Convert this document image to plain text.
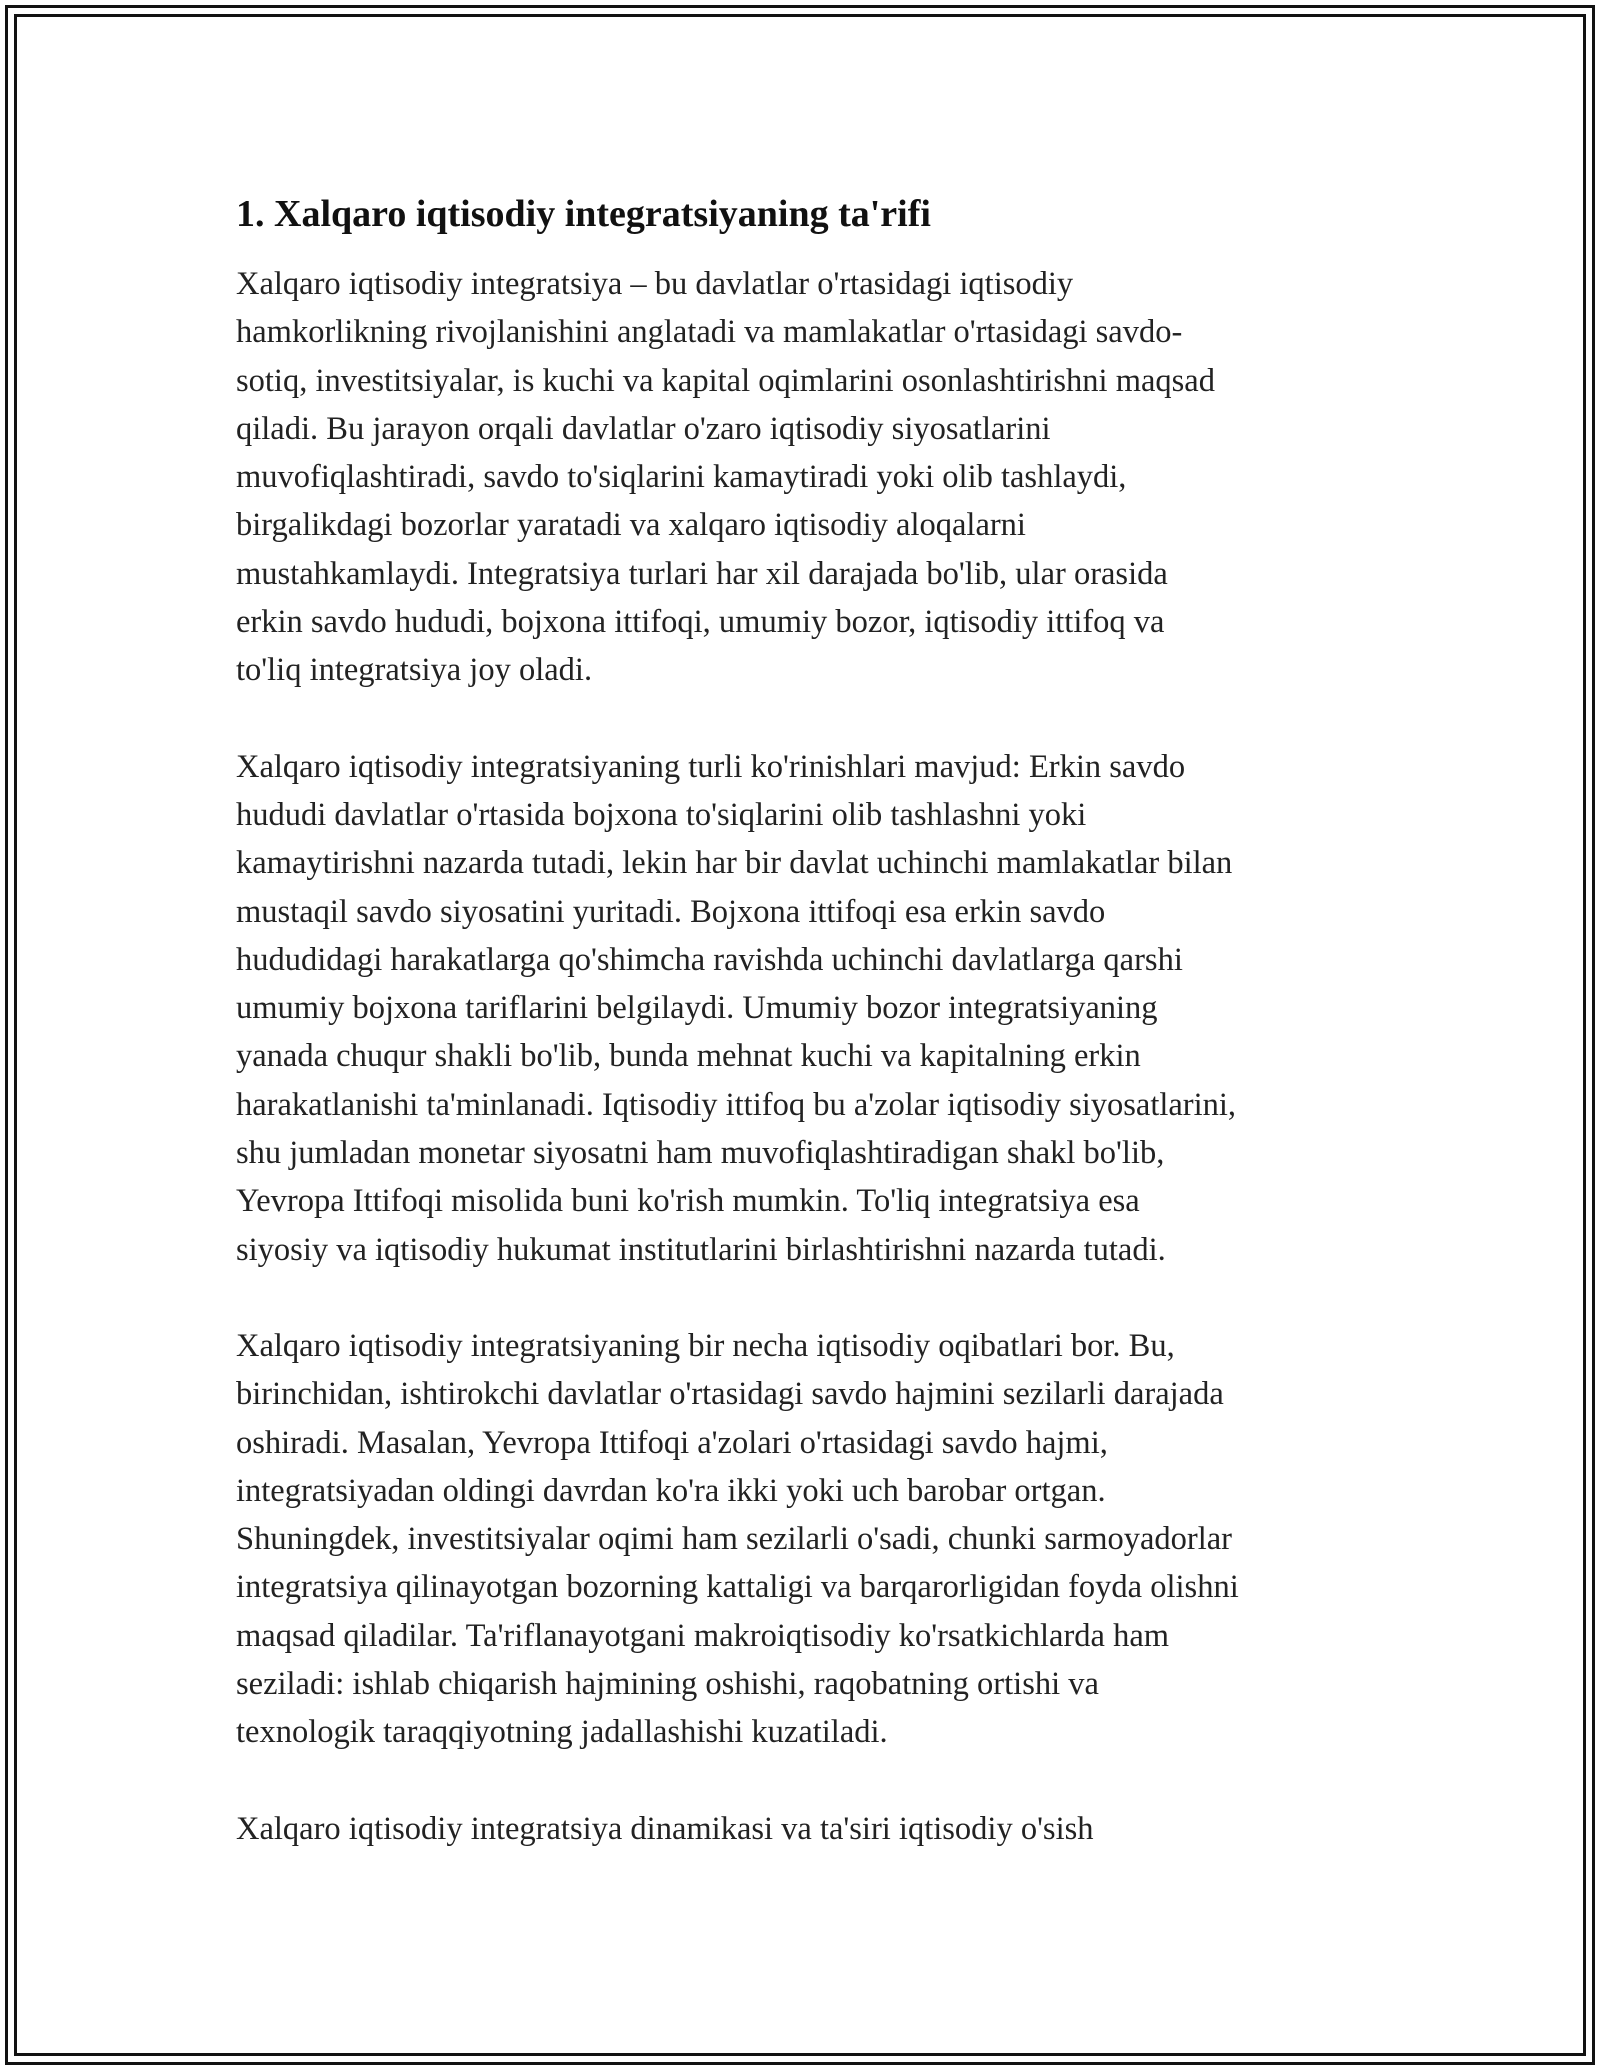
1. Xalqaro iqtisodiy integratsiyaning ta'rifi

Xalqaro iqtisodiy integratsiya – bu davlatlar o'rtasidagi iqtisodiy
hamkorlikning rivojlanishini anglatadi va mamlakatlar o'rtasidagi savdo-
sotiq, investitsiyalar, is kuchi va kapital oqimlarini osonlashtirishni maqsad
qiladi. Bu jarayon orqali davlatlar o'zaro iqtisodiy siyosatlarini
muvofiqlashtiradi, savdo to'siqlarini kamaytiradi yoki olib tashlaydi,
birgalikdagi bozorlar yaratadi va xalqaro iqtisodiy aloqalarni
mustahkamlaydi. Integratsiya turlari har xil darajada bo'lib, ular orasida
erkin savdo hududi, bojxona ittifoqi, umumiy bozor, iqtisodiy ittifoq va
to'liq integratsiya joy oladi.

Xalqaro iqtisodiy integratsiyaning turli ko'rinishlari mavjud: Erkin savdo
hududi davlatlar o'rtasida bojxona to'siqlarini olib tashlashni yoki
kamaytirishni nazarda tutadi, lekin har bir davlat uchinchi mamlakatlar bilan
mustaqil savdo siyosatini yuritadi. Bojxona ittifoqi esa erkin savdo
hududidagi harakatlarga qo'shimcha ravishda uchinchi davlatlarga qarshi
umumiy bojxona tariflarini belgilaydi. Umumiy bozor integratsiyaning
yanada chuqur shakli bo'lib, bunda mehnat kuchi va kapitalning erkin
harakatlanishi ta'minlanadi. Iqtisodiy ittifoq bu a'zolar iqtisodiy siyosatlarini,
shu jumladan monetar siyosatni ham muvofiqlashtiradigan shakl bo'lib,
Yevropa Ittifoqi misolida buni ko'rish mumkin. To'liq integratsiya esa
siyosiy va iqtisodiy hukumat institutlarini birlashtirishni nazarda tutadi.

Xalqaro iqtisodiy integratsiyaning bir necha iqtisodiy oqibatlari bor. Bu,
birinchidan, ishtirokchi davlatlar o'rtasidagi savdo hajmini sezilarli darajada
oshiradi. Masalan, Yevropa Ittifoqi a'zolari o'rtasidagi savdo hajmi,
integratsiyadan oldingi davrdan ko'ra ikki yoki uch barobar ortgan.
Shuningdek, investitsiyalar oqimi ham sezilarli o'sadi, chunki sarmoyadorlar
integratsiya qilinayotgan bozorning kattaligi va barqarorligidan foyda olishni
maqsad qiladilar. Ta'riflanayotgani makroiqtisodiy ko'rsatkichlarda ham
seziladi: ishlab chiqarish hajmining oshishi, raqobatning ortishi va
texnologik taraqqiyotning jadallashishi kuzatiladi.

Xalqaro iqtisodiy integratsiya dinamikasi va ta'siri iqtisodiy o'sish
